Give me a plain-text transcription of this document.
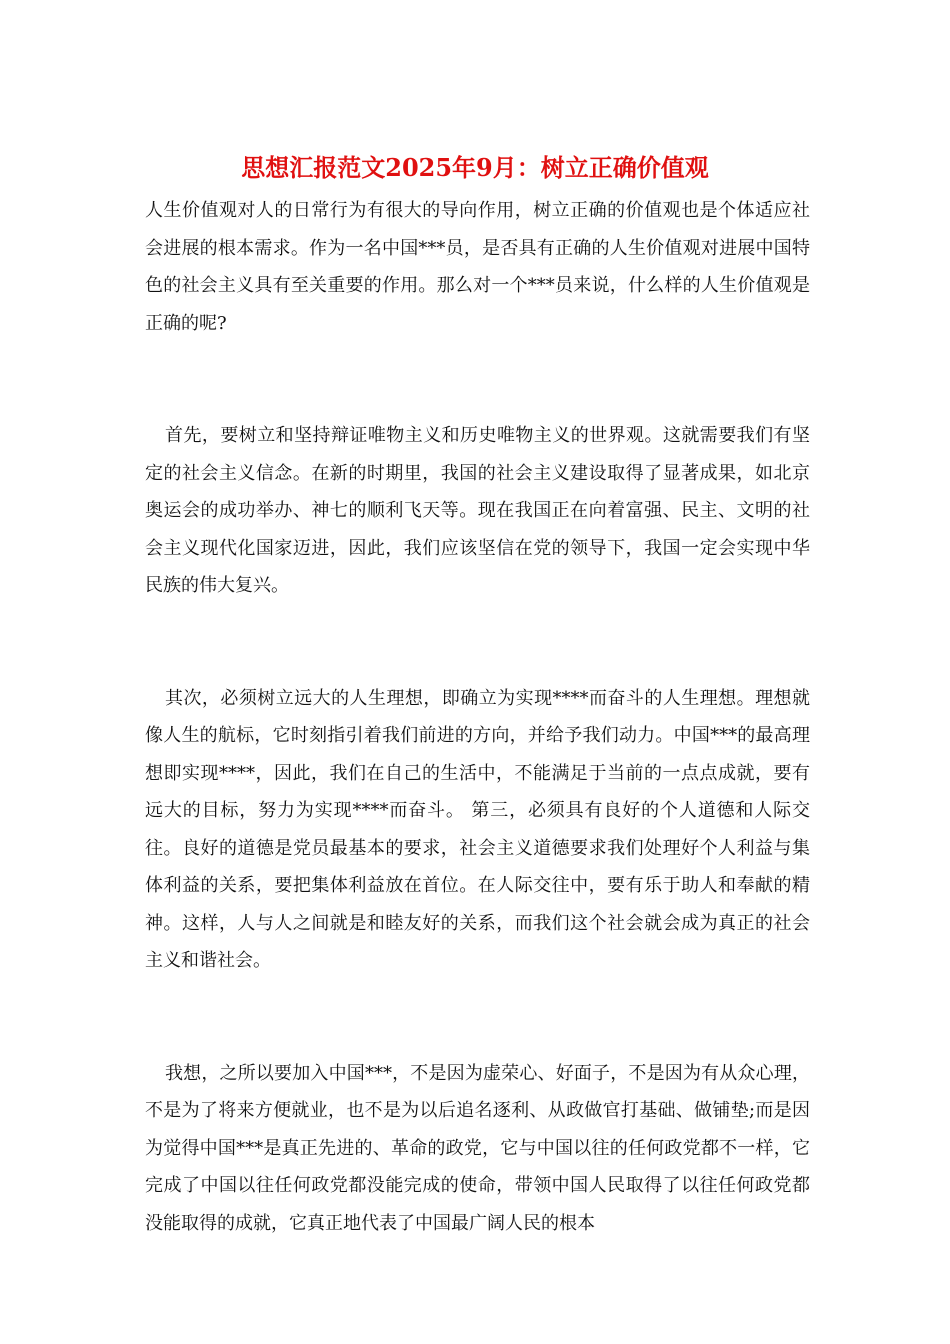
思想汇报范文2025年9月：树立正确价值观

人生价值观对人的日常行为有很大的导向作用，树立正确的价值观也是个体适应社会进展的根本需求。作为一名中国***员，是否具有正确的人生价值观对进展中国特色的社会主义具有至关重要的作用。那么对一个***员来说，什么样的人生价值观是正确的呢?

首先，要树立和坚持辩证唯物主义和历史唯物主义的世界观。这就需要我们有坚定的社会主义信念。在新的时期里，我国的社会主义建设取得了显著成果，如北京奥运会的成功举办、神七的顺利飞天等。现在我国正在向着富强、民主、文明的社会主义现代化国家迈进，因此，我们应该坚信在党的领导下，我国一定会实现中华民族的伟大复兴。

其次，必须树立远大的人生理想，即确立为实现****而奋斗的人生理想。理想就像人生的航标，它时刻指引着我们前进的方向，并给予我们动力。中国***的最高理想即实现****，因此，我们在自己的生活中，不能满足于当前的一点点成就，要有远大的目标，努力为实现****而奋斗。 第三，必须具有良好的个人道德和人际交往。良好的道德是党员最基本的要求，社会主义道德要求我们处理好个人利益与集体利益的关系，要把集体利益放在首位。在人际交往中，要有乐于助人和奉献的精神。这样，人与人之间就是和睦友好的关系，而我们这个社会就会成为真正的社会主义和谐社会。

我想，之所以要加入中国***，不是因为虚荣心、好面子，不是因为有从众心理，不是为了将来方便就业，也不是为以后追名逐利、从政做官打基础、做铺垫;而是因为觉得中国***是真正先进的、革命的政党，它与中国以往的任何政党都不一样，它完成了中国以往任何政党都没能完成的使命，带领中国人民取得了以往任何政党都没能取得的成就，它真正地代表了中国最广阔人民的根本
